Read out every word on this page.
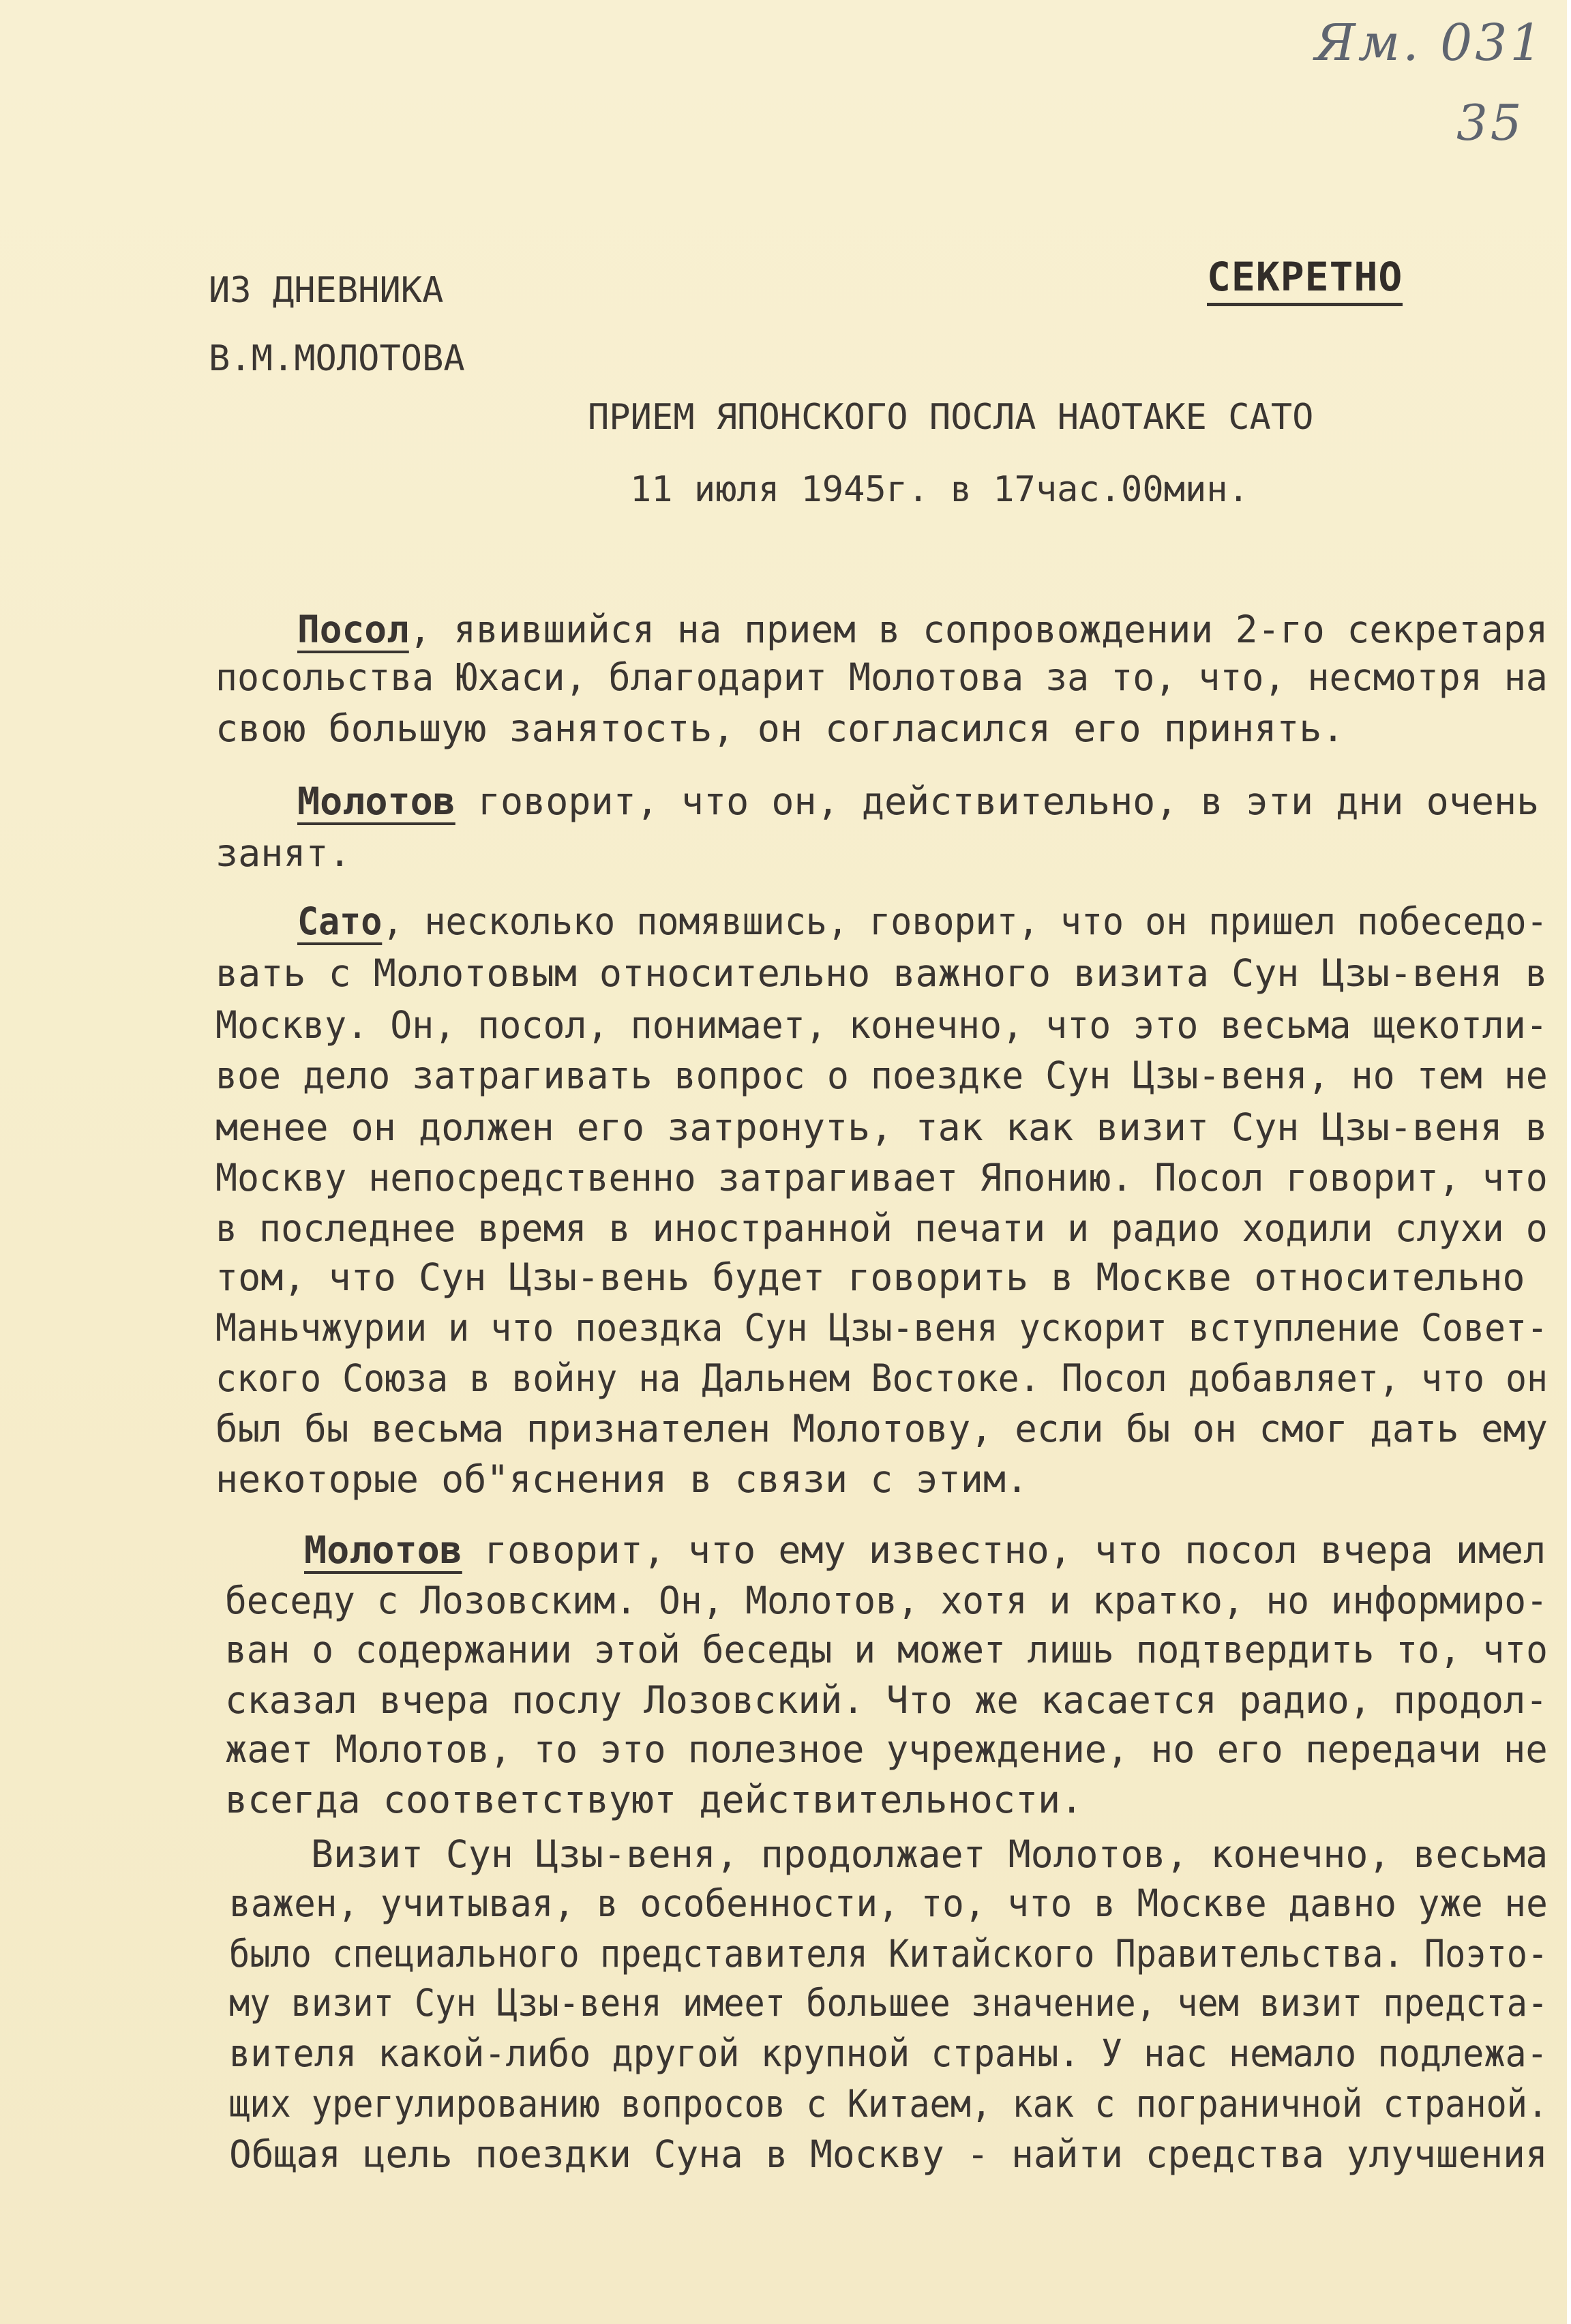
Ям. 031
35
ИЗ ДНЕВНИКА
В.М.МОЛОТОВА
СЕКРЕТНО
ПРИЕМ ЯПОНСКОГО ПОСЛА НАОТАКЕ САТО
11 июля 1945г. в 17час.00мин.
Посол, явившийся на прием в сопровождении 2-го секретаря
посольства Юхаси, благодарит Молотова за то, что, несмотря на
свою большую занятость, он согласился его принять.
Молотов говорит, что он, действительно, в эти дни очень
занят.
Сато, несколько помявшись, говорит, что он пришел побеседо-
вать с Молотовым относительно важного визита Сун Цзы-веня в
Москву. Он, посол, понимает, конечно, что это весьма щекотли-
вое дело затрагивать вопрос о поездке Сун Цзы-веня, но тем не
менее он должен его затронуть, так как визит Сун Цзы-веня в
Москву непосредственно затрагивает Японию. Посол говорит, что
в последнее время в иностранной печати и радио ходили слухи о
том, что Сун Цзы-вень будет говорить в Москве относительно
Маньчжурии и что поездка Сун Цзы-веня ускорит вступление Совет-
ского Союза в войну на Дальнем Востоке. Посол добавляет, что он
был бы весьма признателен Молотову, если бы он смог дать ему
некоторые об"яснения в связи с этим.
Молотов говорит, что ему известно, что посол вчера имел
беседу с Лозовским. Он, Молотов, хотя и кратко, но информиро-
ван о содержании этой беседы и может лишь подтвердить то, что
сказал вчера послу Лозовский. Что же касается радио, продол-
жает Молотов, то это полезное учреждение, но его передачи не
всегда соответствуют действительности.
Визит Сун Цзы-веня, продолжает Молотов, конечно, весьма
важен, учитывая, в особенности, то, что в Москве давно уже не
было специального представителя Китайского Правительства. Поэто-
му визит Сун Цзы-веня имеет большее значение, чем визит предста-
вителя какой-либо другой крупной страны. У нас немало подлежа-
щих урегулированию вопросов с Китаем, как с пограничной страной.
Общая цель поездки Суна в Москву - найти средства улучшения
